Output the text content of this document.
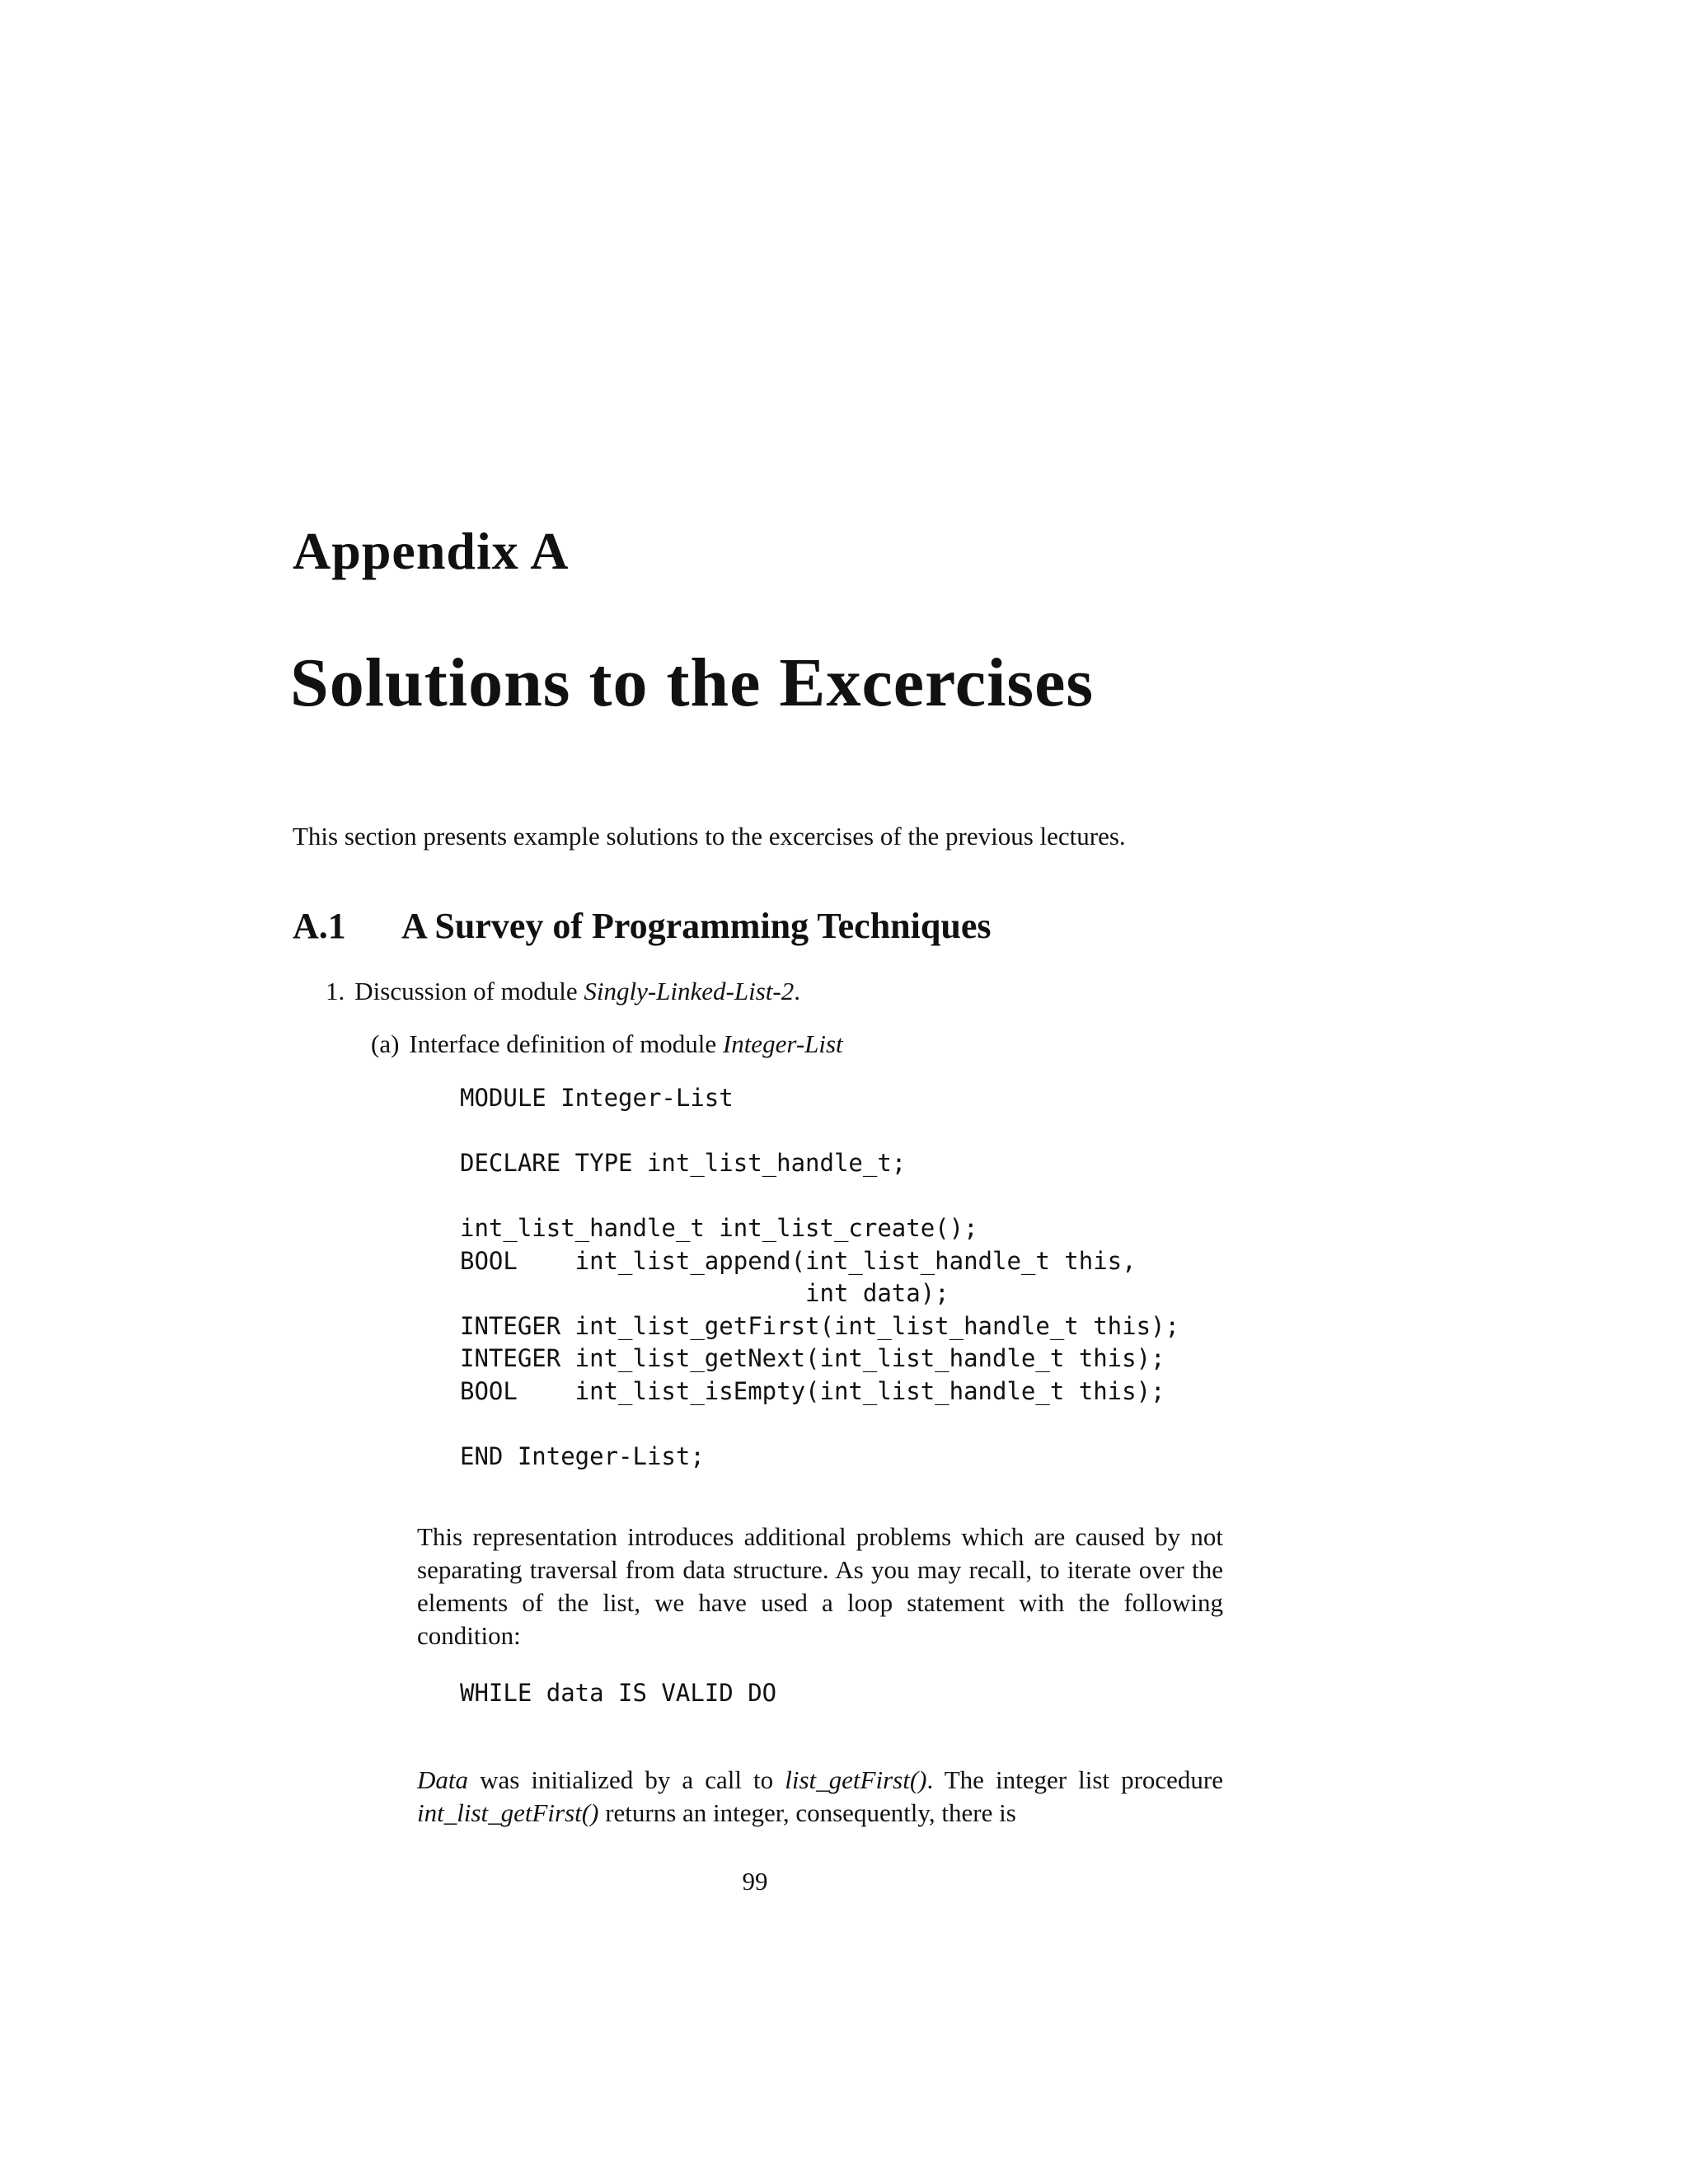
Appendix A
Solutions to the Excercises
This section presents example solutions to the excercises of the previous lectures.
A.1 A Survey of Programming Techniques
1. Discussion of module Singly-Linked-List-2.
(a) Interface definition of module Integer-List
MODULE Integer-List

DECLARE TYPE int_list_handle_t;

int_list_handle_t int_list_create();
BOOL    int_list_append(int_list_handle_t this,
int data);
INTEGER int_list_getFirst(int_list_handle_t this);
INTEGER int_list_getNext(int_list_handle_t this);
BOOL    int_list_isEmpty(int_list_handle_t this);

END Integer-List;
This representation introduces additional problems which are caused by not separating traversal from data structure. As you may recall, to iterate over the elements of the list, we have used a loop statement with the following condition:
WHILE data IS VALID DO
Data was initialized by a call to list_getFirst(). The integer list procedure int_list_getFirst() returns an integer, consequently, there is
99
